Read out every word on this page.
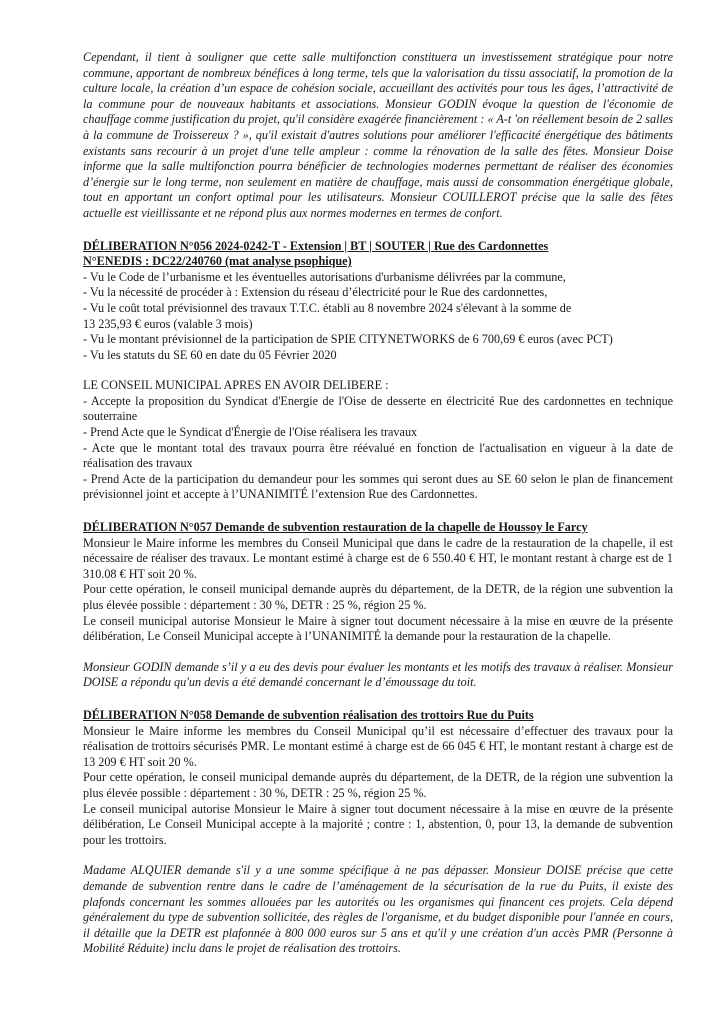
Cependant, il tient à souligner que cette salle multifonction constituera un investissement stratégique pour notre commune, apportant de nombreux bénéfices à long terme, tels que la valorisation du tissu associatif, la promotion de la culture locale, la création d’un espace de cohésion sociale, accueillant des activités pour tous les âges, l’attractivité de la commune pour de nouveaux habitants et associations. Monsieur GODIN évoque la question de l'économie de chauffage comme justification du projet, qu'il considère exagérée financièrement : « A-t 'on réellement besoin de 2 salles à la commune de Troissereux ? », qu'il existait d'autres solutions pour améliorer l'efficacité énergétique des bâtiments existants sans recourir à un projet d'une telle ampleur : comme la rénovation de la salle des fêtes. Monsieur Doise informe que la salle multifonction pourra bénéficier de technologies modernes permettant de réaliser des économies d’énergie sur le long terme, non seulement en matière de chauffage, mais aussi de consommation énergétique globale, tout en apportant un confort optimal pour les utilisateurs. Monsieur COUILLEROT précise que la salle des fêtes actuelle est vieillissante et ne répond plus aux normes modernes en termes de confort.

DÉLIBERATION N°056 2024-0242-T - Extension | BT | SOUTER | Rue des Cardonnettes

N°ENEDIS : DC22/240760 (mat analyse psophique)

- Vu le Code de l’urbanisme et les éventuelles autorisations d'urbanisme délivrées par la commune,

- Vu la nécessité de procéder à : Extension du réseau d’électricité pour le Rue des cardonnettes,

- Vu le coût total prévisionnel des travaux T.T.C. établi au 8 novembre 2024 s'élevant à la somme de

13 235,93 € euros (valable 3 mois)

- Vu le montant prévisionnel de la participation de SPIE CITYNETWORKS de 6 700,69 € euros (avec PCT)

- Vu les statuts du SE 60 en date du 05 Février 2020

LE CONSEIL MUNICIPAL APRES EN AVOIR DELIBERE :

- Accepte la proposition du Syndicat d'Energie de l'Oise de desserte en électricité Rue des cardonnettes en technique souterraine

- Prend Acte que le Syndicat d'Énergie de l'Oise réalisera les travaux

- Acte que le montant total des travaux pourra être réévalué en fonction de l'actualisation en vigueur à la date de réalisation des travaux

- Prend Acte de la participation du demandeur pour les sommes qui seront dues au SE 60 selon le plan de financement prévisionnel joint et accepte à l’UNANIMITÉ l’extension Rue des Cardonnettes.

DÉLIBERATION N°057 Demande de subvention restauration de la chapelle de Houssoy le Farcy

Monsieur le Maire informe les membres du Conseil Municipal que dans le cadre de la restauration de la chapelle, il est nécessaire de réaliser des travaux. Le montant estimé à charge est de 6 550.40 € HT, le montant restant à charge est de 1 310.08 € HT soit 20 %.

Pour cette opération, le conseil municipal demande auprès du département, de la DETR, de la région une subvention la plus élevée possible : département : 30 %, DETR : 25 %, région 25 %.

Le conseil municipal autorise Monsieur le Maire à signer tout document nécessaire à la mise en œuvre de la présente délibération, Le Conseil Municipal accepte à l’UNANIMITÉ la demande pour la restauration de la chapelle.

Monsieur GODIN demande s’il y a eu des devis pour évaluer les montants et les motifs des travaux à réaliser. Monsieur DOISE a répondu qu'un devis a été demandé concernant le d’émoussage du toit.

DÉLIBERATION N°058 Demande de subvention réalisation des trottoirs Rue du Puits

Monsieur le Maire informe les membres du Conseil Municipal qu’il est nécessaire d’effectuer des travaux pour la réalisation de trottoirs sécurisés PMR. Le montant estimé à charge est de 66 045 € HT, le montant restant à charge est de 13 209 € HT soit 20 %.

Pour cette opération, le conseil municipal demande auprès du département, de la DETR, de la région une subvention la plus élevée possible : département : 30 %, DETR : 25 %, région 25 %.

Le conseil municipal autorise Monsieur le Maire à signer tout document nécessaire à la mise en œuvre de la présente délibération, Le Conseil Municipal accepte à la majorité ; contre : 1, abstention, 0, pour 13, la demande de subvention pour les trottoirs.

Madame ALQUIER demande s'il y a une somme spécifique à ne pas dépasser. Monsieur DOISE précise que cette demande de subvention rentre dans le cadre de l’aménagement de la sécurisation de la rue du Puits, il existe des plafonds concernant les sommes allouées par les autorités ou les organismes qui financent ces projets. Cela dépend généralement du type de subvention sollicitée, des règles de l'organisme, et du budget disponible pour l'année en cours, il détaille que la DETR est plafonnée à 800 000 euros sur 5 ans et qu'il y une création d'un accès PMR (Personne à Mobilité Réduite) inclu dans le projet de réalisation des trottoirs.
